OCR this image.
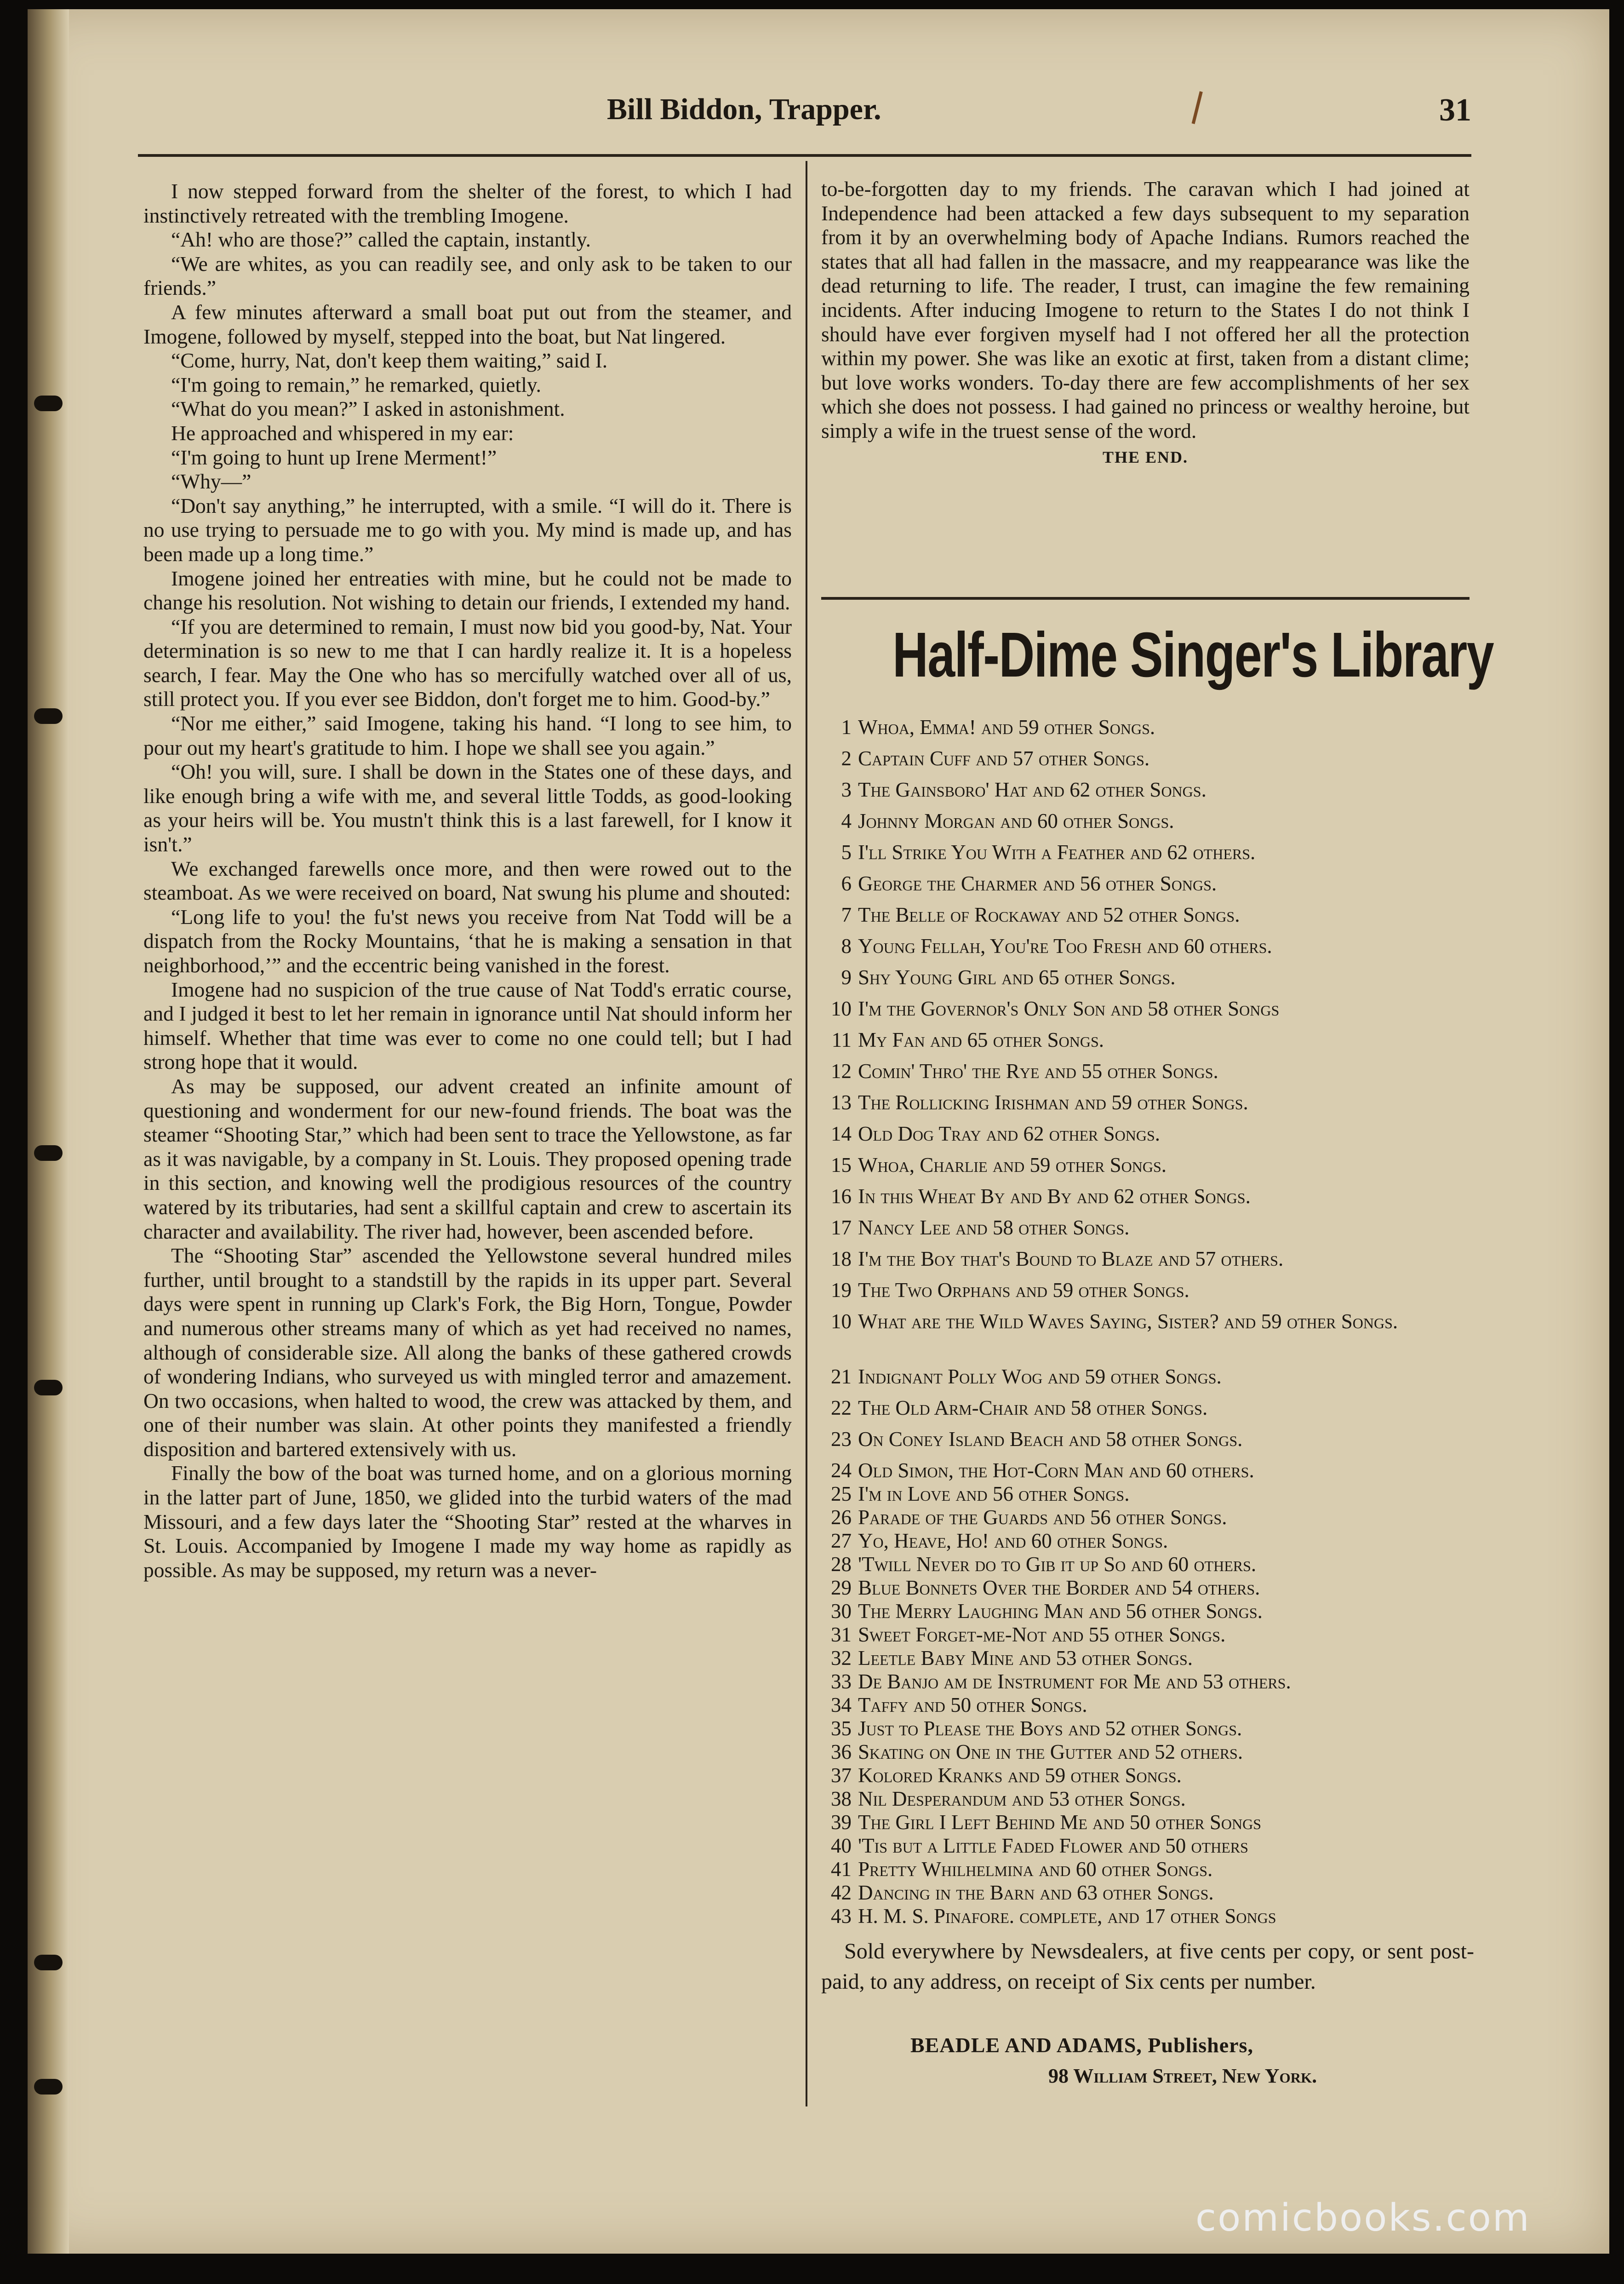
Bill Biddon, Trapper.	31

I now stepped forward from the shelter of the forest, to which I had instinctively retreated with the trembling Imogene.

“Ah! who are those?” called the captain, instantly.

“We are whites, as you can readily see, and only ask to be taken to our friends.”

A few minutes afterward a small boat put out from the steamer, and Imogene, followed by myself, stepped into the boat, but Nat lingered.

“Come, hurry, Nat, don't keep them waiting,” said I.

“I'm going to remain,” he remarked, quietly.

“What do you mean?” I asked in astonishment.

He approached and whispered in my ear:

“I'm going to hunt up Irene Merment!”

“Why—”

“Don't say anything,” he interrupted, with a smile. “I will do it. There is no use trying to persuade me to go with you. My mind is made up, and has been made up a long time.”

Imogene joined her entreaties with mine, but he could not be made to change his resolution. Not wishing to detain our friends, I extended my hand.

“If you are determined to remain, I must now bid you good-by, Nat. Your determination is so new to me that I can hardly realize it. It is a hopeless search, I fear. May the One who has so mercifully watched over all of us, still protect you. If you ever see Biddon, don't forget me to him. Good-by.”

“Nor me either,” said Imogene, taking his hand. “I long to see him, to pour out my heart's gratitude to him. I hope we shall see you again.”

“Oh! you will, sure. I shall be down in the States one of these days, and like enough bring a wife with me, and several little Todds, as good-looking as your heirs will be. You mustn't think this is a last farewell, for I know it isn't.”

We exchanged farewells once more, and then were rowed out to the steamboat. As we were received on board, Nat swung his plume and shouted:

“Long life to you! the fu'st news you receive from Nat Todd will be a dispatch from the Rocky Mountains, ‘that he is making a sensation in that neighborhood,’” and the eccentric being vanished in the forest.

Imogene had no suspicion of the true cause of Nat Todd's erratic course, and I judged it best to let her remain in ignorance until Nat should inform her himself. Whether that time was ever to come no one could tell; but I had strong hope that it would.

As may be supposed, our advent created an infinite amount of questioning and wonderment for our new-found friends. The boat was the steamer “Shooting Star,” which had been sent to trace the Yellowstone, as far as it was navigable, by a company in St. Louis. They proposed opening trade in this section, and knowing well the prodigious resources of the country watered by its tributaries, had sent a skillful captain and crew to ascertain its character and availability. The river had, however, been ascended before.

The “Shooting Star” ascended the Yellowstone several hundred miles further, until brought to a standstill by the rapids in its upper part. Several days were spent in running up Clark's Fork, the Big Horn, Tongue, Powder and numerous other streams many of which as yet had received no names, although of considerable size. All along the banks of these gathered crowds of wondering Indians, who surveyed us with mingled terror and amazement. On two occasions, when halted to wood, the crew was attacked by them, and one of their number was slain. At other points they manifested a friendly disposition and bartered extensively with us.

Finally the bow of the boat was turned home, and on a glorious morning in the latter part of June, 1850, we glided into the turbid waters of the mad Missouri, and a few days later the “Shooting Star” rested at the wharves in St. Louis. Accompanied by Imogene I made my way home as rapidly as possible. As may be supposed, my return was a never-

to-be-forgotten day to my friends. The caravan which I had joined at Independence had been attacked a few days subsequent to my separation from it by an overwhelming body of Apache Indians. Rumors reached the states that all had fallen in the massacre, and my reappearance was like the dead returning to life. The reader, I trust, can imagine the few remaining incidents. After inducing Imogene to return to the States I do not think I should have ever forgiven myself had I not offered her all the protection within my power. She was like an exotic at first, taken from a distant clime; but love works wonders. To-day there are few accomplishments of her sex which she does not possess. I had gained no princess or wealthy heroine, but simply a wife in the truest sense of the word.

THE END.
Half-Dime Singer's Library
1 Whoa, Emma! and 59 other Songs.
2 Captain Cuff and 57 other Songs.
3 The Gainsboro' Hat and 62 other Songs.
4 Johnny Morgan and 60 other Songs.
5 I'll Strike You With a Feather and 62 others.
6 George the Charmer and 56 other Songs.
7 The Belle of Rockaway and 52 other Songs.
8 Young Fellah, You're Too Fresh and 60 others.
9 Shy Young Girl and 65 other Songs.
10 I'm the Governor's Only Son and 58 other Songs
11 My Fan and 65 other Songs.
12 Comin' Thro' the Rye and 55 other Songs.
13 The Rollicking Irishman and 59 other Songs.
14 Old Dog Tray and 62 other Songs.
15 Whoa, Charlie and 59 other Songs.
16 In this Wheat By and By and 62 other Songs.
17 Nancy Lee and 58 other Songs.
18 I'm the Boy that's Bound to Blaze and 57 others.
19 The Two Orphans and 59 other Songs.
10 What are the Wild Waves Saying, Sister? and 59 other Songs.
21 Indignant Polly Wog and 59 other Songs.
22 The Old Arm-Chair and 58 other Songs.
23 On Coney Island Beach and 58 other Songs.
24 Old Simon, the Hot-Corn Man and 60 others.
25 I'm in Love and 56 other Songs.
26 Parade of the Guards and 56 other Songs.
27 Yo, Heave, Ho! and 60 other Songs.
28 'Twill Never do to Gib it up So and 60 others.
29 Blue Bonnets Over the Border and 54 others.
30 The Merry Laughing Man and 56 other Songs.
31 Sweet Forget-me-Not and 55 other Songs.
32 Leetle Baby Mine and 53 other Songs.
33 De Banjo am de Instrument for Me and 53 others.
34 Taffy and 50 other Songs.
35 Just to Please the Boys and 52 other Songs.
36 Skating on One in the Gutter and 52 others.
37 Kolored Kranks and 59 other Songs.
38 Nil Desperandum and 53 other Songs.
39 The Girl I Left Behind Me and 50 other Songs
40 'Tis but a Little Faded Flower and 50 others
41 Pretty Whilhelmina and 60 other Songs.
42 Dancing in the Barn and 63 other Songs.
43 H. M. S. Pinafore. complete, and 17 other Songs
Sold everywhere by Newsdealers, at five cents per copy, or sent post-paid, to any address, on receipt of Six cents per number.
BEADLE AND ADAMS, Publishers,
98 William Street, New York.
comicbooks.com
